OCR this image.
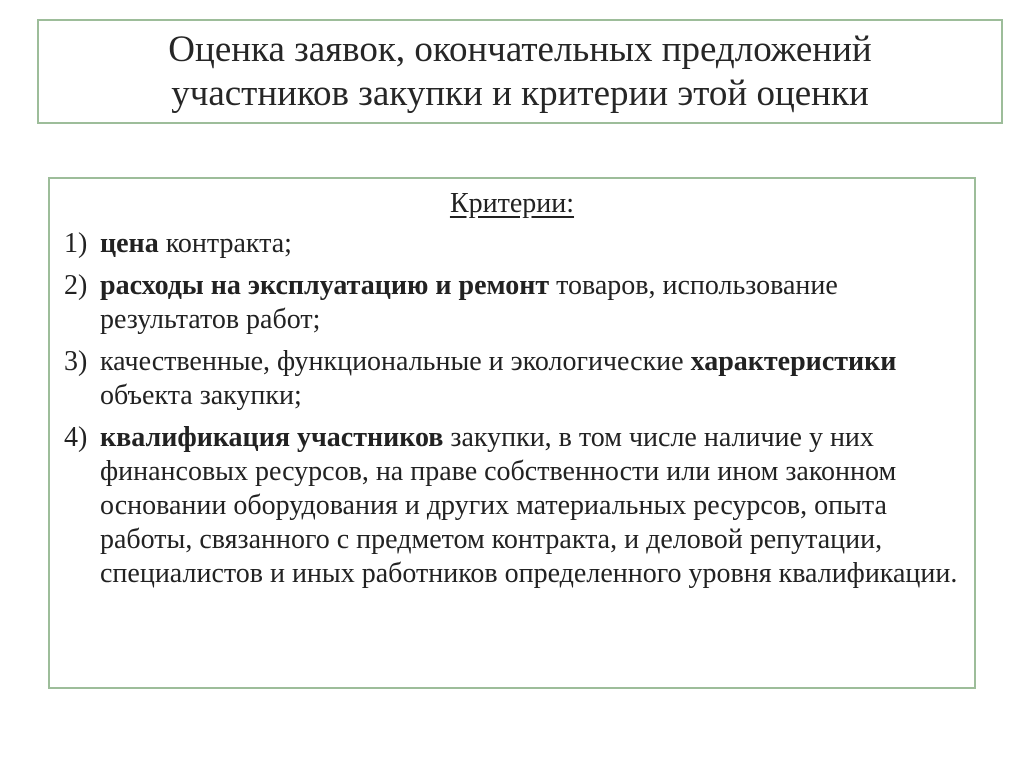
Оценка заявок, окончательных предложений
участников закупки и критерии этой оценки
Критерии:
1) цена контракта;
2) расходы на эксплуатацию и ремонт товаров, использование результатов работ;
3) качественные, функциональные и экологические характеристики объекта закупки;
4) квалификация участников закупки, в том числе наличие у них финансовых ресурсов, на праве собственности или ином законном основании оборудования и других материальных ресурсов, опыта работы, связанного с предметом контракта, и деловой репутации, специалистов и иных работников определенного уровня квалификации.
